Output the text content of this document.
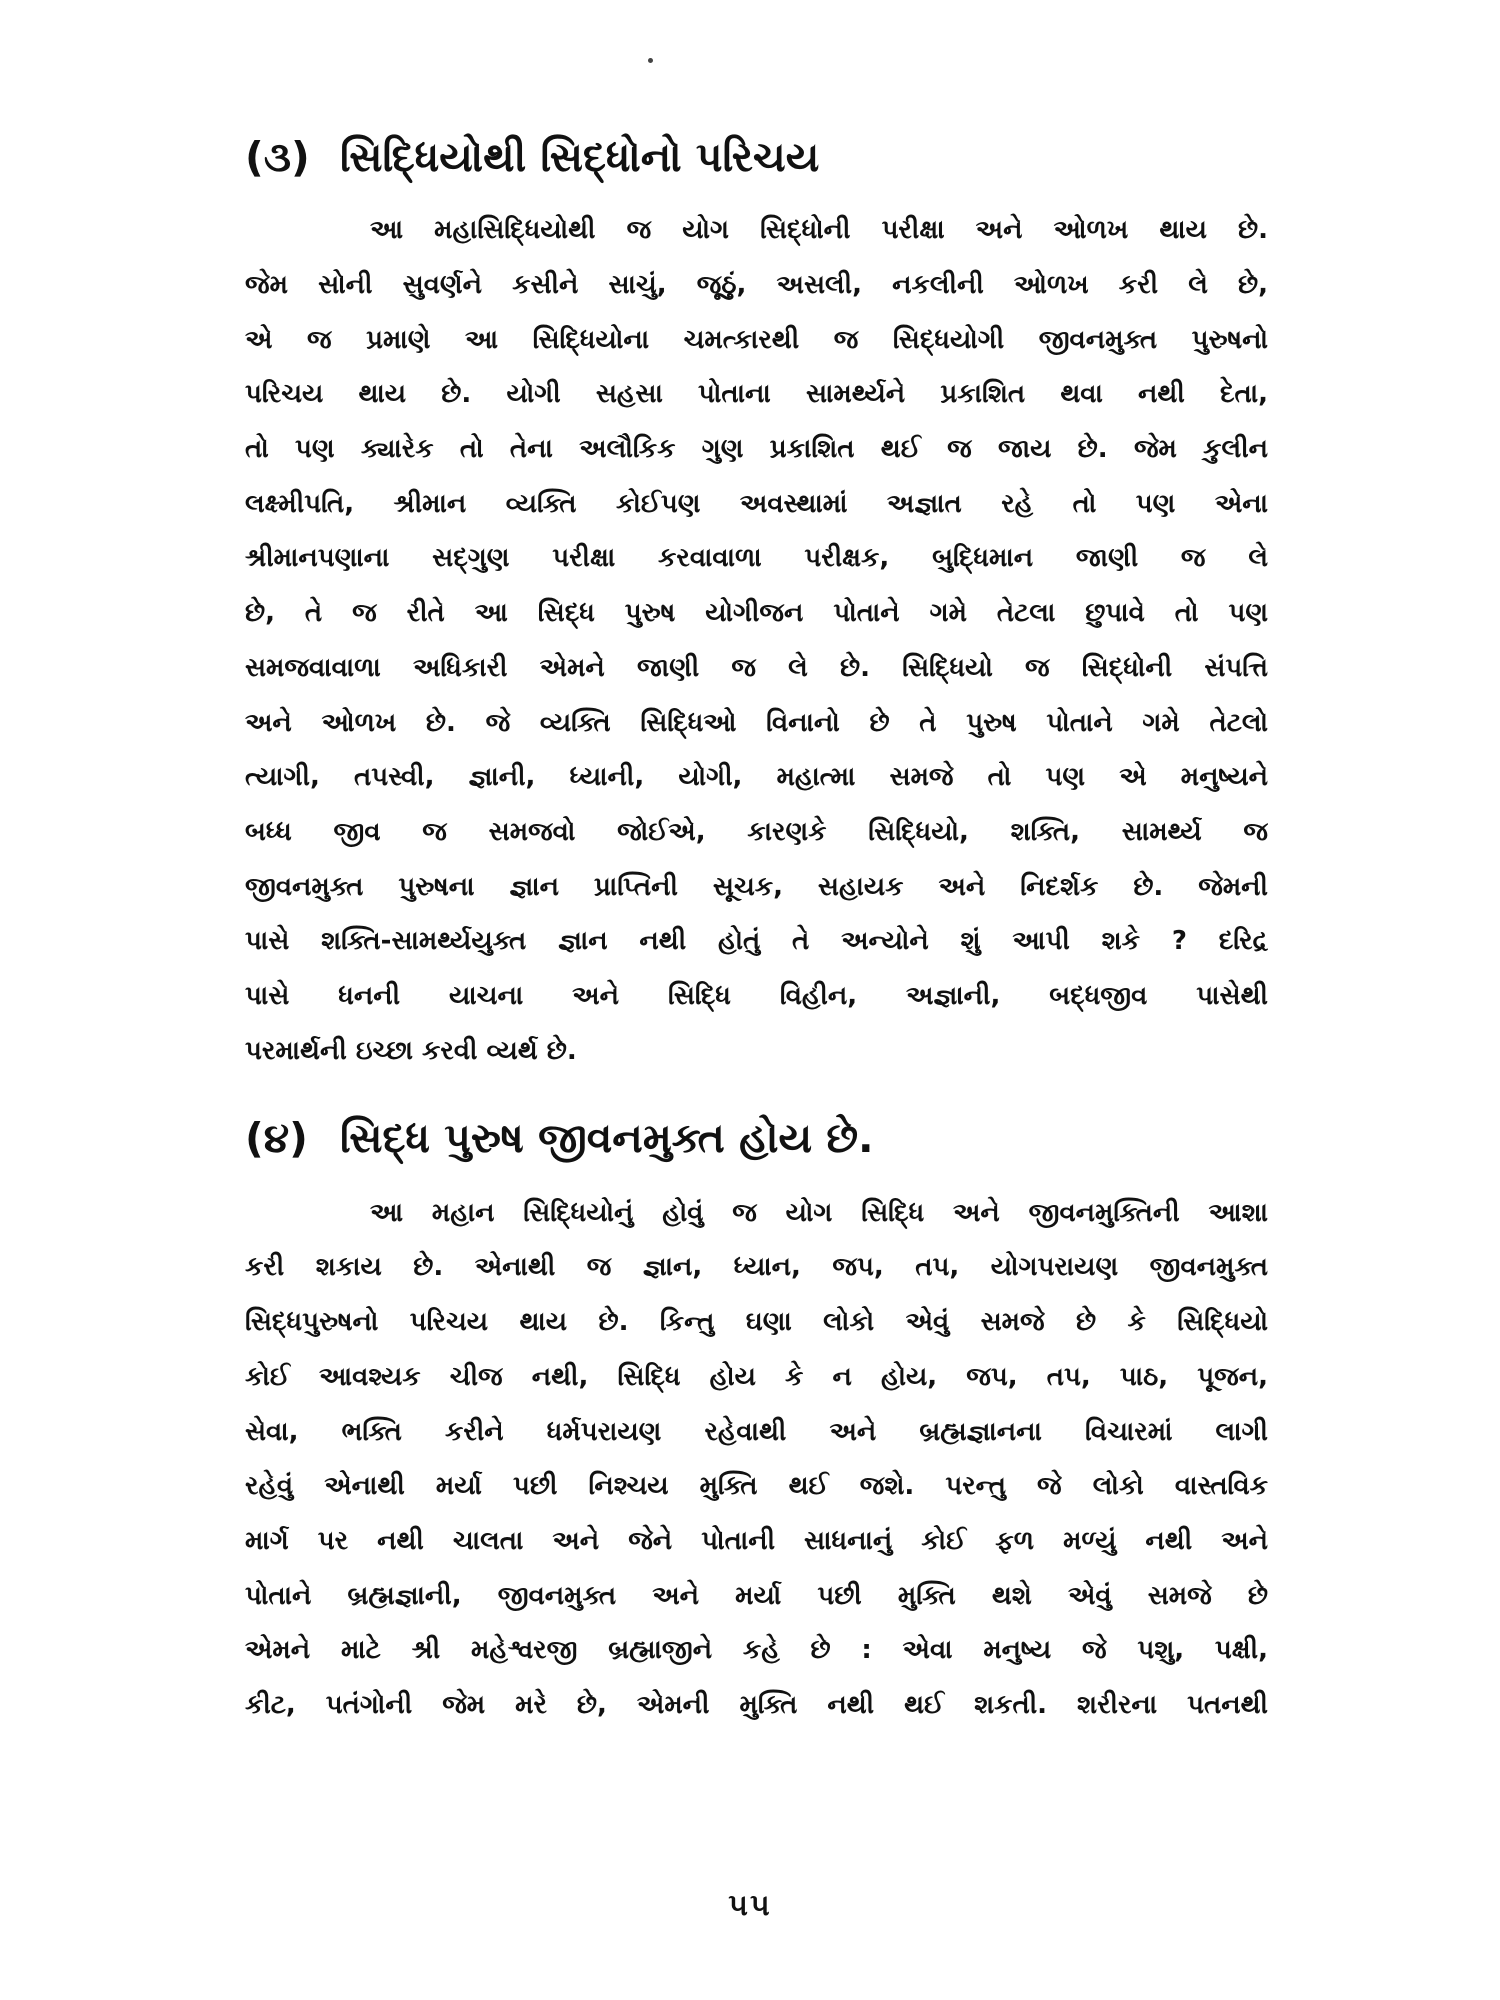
(૩) સિદ્ધિયોથી સિદ્ધોનો પરિચય

આ મહાસિદ્ધિયોથી જ યોગ સિદ્ધોની પરીક્ષા અને ઓળખ થાય છે.
જેમ સોની સુવર્ણને કસીને સાચું, જૂઠું, અસલી, નકલીની ઓળખ કરી લે છે,
એ જ પ્રમાણે આ સિદ્ધિયોના ચમત્કારથી જ સિદ્ધયોગી જીવનમુક્ત પુરુષનો
પરિચય થાય છે. યોગી સહસા પોતાના સામર્થ્યને પ્રકાશિત થવા નથી દેતા,
તો પણ ક્યારેક તો તેના અલૌકિક ગુણ પ્રકાશિત થઈ જ જાય છે. જેમ કુલીન
લક્ષ્મીપતિ, શ્રીમાન વ્યક્તિ કોઈપણ અવસ્થામાં અજ્ઞાત રહે તો પણ એના
શ્રીમાનપણાના સદ્ગુણ પરીક્ષા કરવાવાળા પરીક્ષક, બુદ્ધિમાન જાણી જ લે
છે, તે જ રીતે આ સિદ્ધ પુરુષ યોગીજન પોતાને ગમે તેટલા છુપાવે તો પણ
સમજવાવાળા અધિકારી એમને જાણી જ લે છે. સિદ્ધિયો જ સિદ્ધોની સંપત્તિ
અને ઓળખ છે. જે વ્યક્તિ સિદ્ધિઓ વિનાનો છે તે પુરુષ પોતાને ગમે તેટલો
ત્યાગી, તપસ્વી, જ્ઞાની, ધ્યાની, યોગી, મહાત્મા સમજે તો પણ એ મનુષ્યને
બધ્ધ જીવ જ સમજવો જોઈએ, કારણકે સિદ્ધિયો, શક્તિ, સામર્થ્ય જ
જીવનમુક્ત પુરુષના જ્ઞાન પ્રાપ્તિની સૂચક, સહાયક અને નિદર્શક છે. જેમની
પાસે શક્તિ-સામર્થ્યયુક્ત જ્ઞાન નથી હોતું તે અન્યોને શું આપી શકે ? દરિદ્ર
પાસે ધનની યાચના અને સિદ્ધિ વિહીન, અજ્ઞાની, બદ્ધજીવ પાસેથી
પરમાર્થની ઇચ્છા કરવી વ્યર્થ છે.

(૪) સિદ્ધ પુરુષ જીવનમુક્ત હોય છે.

આ મહાન સિદ્ધિયોનું હોવું જ યોગ સિદ્ધિ અને જીવનમુક્તિની આશા
કરી શકાય છે. એનાથી જ જ્ઞાન, ધ્યાન, જપ, તપ, યોગપરાયણ જીવનમુક્ત
સિદ્ધપુરુષનો પરિચય થાય છે. કિન્તુ ઘણા લોકો એવું સમજે છે કે સિદ્ધિયો
કોઈ આવશ્યક ચીજ નથી, સિદ્ધિ હોય કે ન હોય, જપ, તપ, પાઠ, પૂજન,
સેવા, ભક્તિ કરીને ધર્મપરાયણ રહેવાથી અને બ્રહ્મજ્ઞાનના વિચારમાં લાગી
રહેવું એનાથી મર્યા પછી નિશ્ચય મુક્તિ થઈ જશે. પરન્તુ જે લોકો વાસ્તવિક
માર્ગ પર નથી ચાલતા અને જેને પોતાની સાધનાનું કોઈ ફળ મળ્યું નથી અને
પોતાને બ્રહ્મજ્ઞાની, જીવનમુક્ત અને મર્યા પછી મુક્તિ થશે એવું સમજે છે
એમને માટે શ્રી મહેશ્વરજી બ્રહ્માજીને કહે છે : એવા મનુષ્ય જે પશુ, પક્ષી,
કીટ, પતંગોની જેમ મરે છે, એમની મુક્તિ નથી થઈ શકતી. શરીરના પતનથી

૫૫
